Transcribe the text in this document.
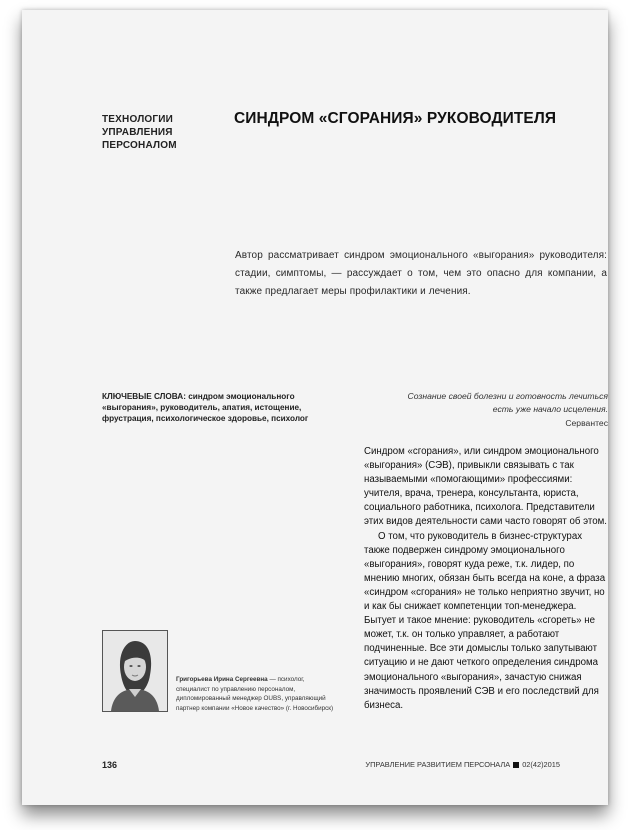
ТЕХНОЛОГИИ
УПРАВЛЕНИЯ
ПЕРСОНАЛОМ
СИНДРОМ «СГОРАНИЯ» РУКОВОДИТЕЛЯ
Автор рассматривает синдром эмоционального «выгорания» руководителя: стадии, симптомы, — рассуждает о том, чем это опасно для компании, а также предлагает меры профилактики и лечения.
КЛЮЧЕВЫЕ СЛОВА: синдром эмоционального «выгорания», руководитель, апатия, истощение, фрустрация, психологическое здоровье, психолог
Сознание своей болезни и готовность лечиться есть уже начало исцеления.
Сервантес

Синдром «сгорания», или синдром эмоционального «выгорания» (СЭВ), привыкли связывать с так называемыми «помогающими» профессиями: учителя, врача, тренера, консультанта, юриста, социального работника, психолога. Представители этих видов деятельности сами часто говорят об этом.

О том, что руководитель в бизнес-структурах также подвержен синдрому эмоционального «выгорания», говорят куда реже, т.к. лидер, по мнению многих, обязан быть всегда на коне, а фраза «синдром «сгорания» не только неприятно звучит, но и как бы снижает компетенции топ-менеджера. Бытует и такое мнение: руководитель «сгореть» не может, т.к. он только управляет, а работают подчиненные. Все эти домыслы только запутывают ситуацию и не дают четкого определения синдрома эмоционального «выгорания», зачастую снижая значимость проявлений СЭВ и его последствий для бизнеса.

Григорьева Ирина Сергеевна — психолог, специалист по управлению персоналом, дипломированный менеджер OUBS, управляющий партнер компании «Новое качество» (г. Новосибирск)
136	УПРАВЛЕНИЕ РАЗВИТИЕМ ПЕРСОНАЛА 02(42)2015
